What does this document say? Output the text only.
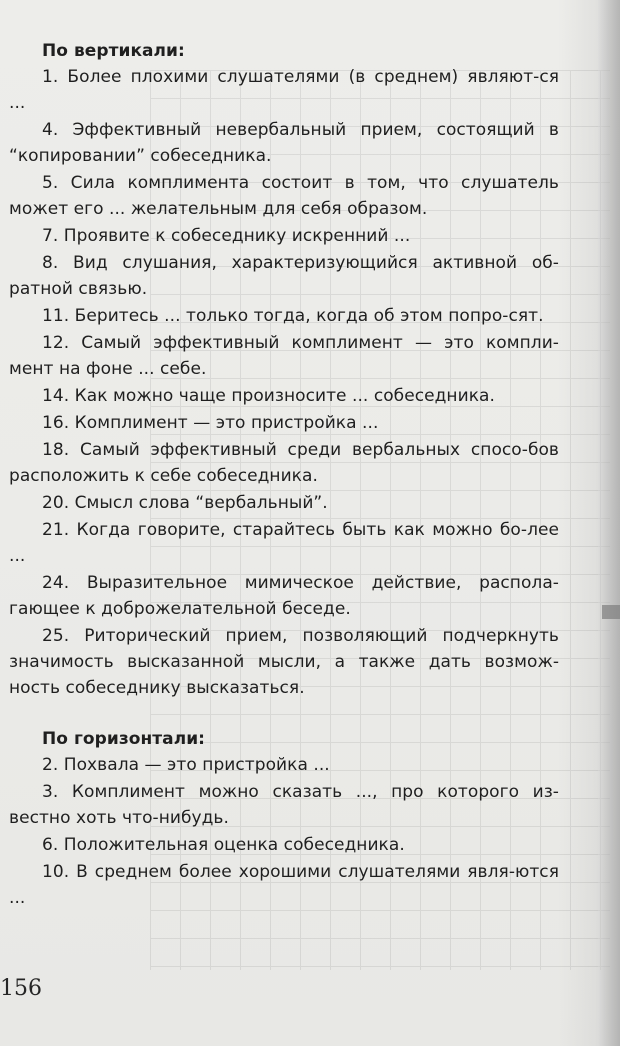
По вертикали:

1. Более плохими слушателями (в среднем) являют-ся ...

4. Эффективный невербальный прием, состоящий в “копировании” собеседника.

5. Сила комплимента состоит в том, что слушатель может его ... желательным для себя образом.

7. Проявите к собеседнику искренний ...

8. Вид слушания, характеризующийся активной об-ратной связью.

11. Беритесь ... только тогда, когда об этом попро-сят.

12. Самый эффективный комплимент — это компли-мент на фоне ... себе.

14. Как можно чаще произносите ... собеседника.

16. Комплимент — это пристройка ...

18. Самый эффективный среди вербальных спосо-бов расположить к себе собеседника.

20. Смысл слова “вербальный”.

21. Когда говорите, старайтесь быть как можно бо-лее ...

24. Выразительное мимическое действие, распола-гающее к доброжелательной беседе.

25. Риторический прием, позволяющий подчеркнуть значимость высказанной мысли, а также дать возмож-ность собеседнику высказаться.

По горизонтали:

2. Похвала — это пристройка ...

3. Комплимент можно сказать ..., про которого из-вестно хоть что-нибудь.

6. Положительная оценка собеседника.

10. В среднем более хорошими слушателями явля-ются ...

156
